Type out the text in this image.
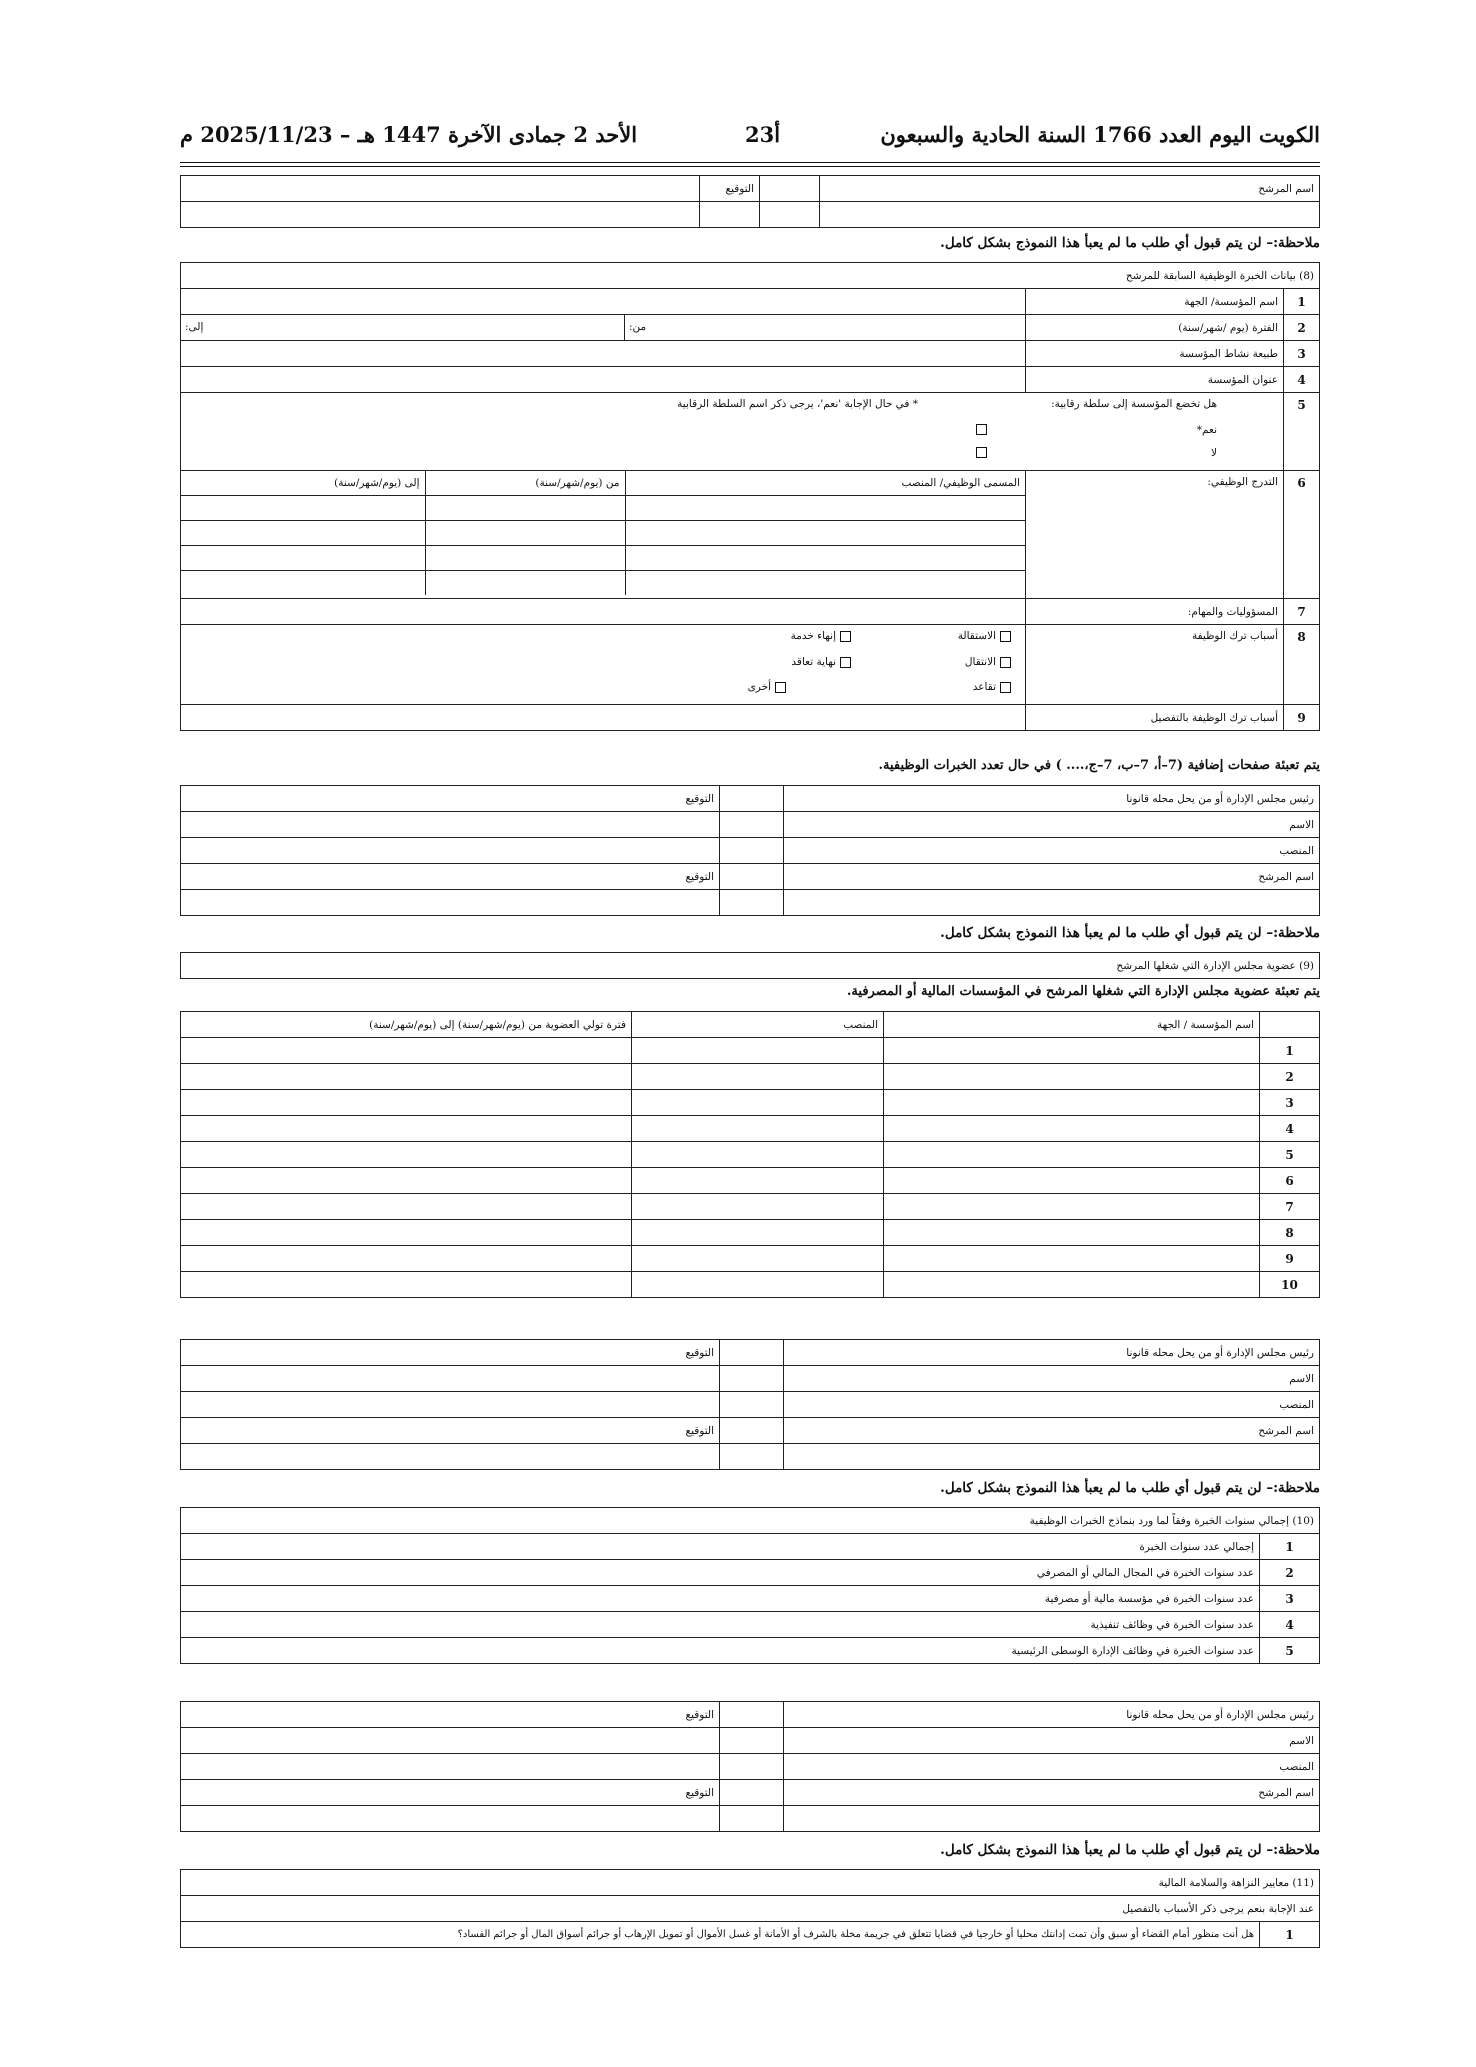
الكويت اليوم العدد 1766 السنة الحادية والسبعون
أ23
الأحد 2 جمادى الآخرة 1447 هـ – 2025/11/23 م
اسم المرشح		التوقيع	

ملاحظة:– لن يتم قبول أي طلب ما لم يعبأ هذا النموذج بشكل كامل.
(8) بيانات الخبرة الوظيفية السابقة للمرشح
1	اسم المؤسسة/ الجهة	
2	الفترة (يوم /شهر/سنة)	
من:
إلى:

3	طبيعة نشاط المؤسسة	
4	عنوان المؤسسة	
5	
هل تخضع المؤسسة إلى سلطة رقابية:
* في حال الإجابة 'نعم'، يرجى ذكر اسم السلطة الرقابية
نعم*
لا

6	التدرج الوظيفي:	
المسمى الوظيفي/ المنصب	من (يوم/شهر/سنة)	إلى (يوم/شهر/سنة)

7	المسؤوليات والمهام:	
8	أسباب ترك الوظيفة	
الاستقالة
إنهاء خدمة
الانتقال
نهاية تعاقد
تقاعد
أخرى

9	أسباب ترك الوظيفة بالتفصيل	
يتم تعبئة صفحات إضافية (7–أ، 7–ب، 7–ج،.... ) في حال تعدد الخبرات الوظيفية.
رئيس مجلس الإدارة أو من يحل محله قانونا		التوقيع
الاسم		
المنصب		
اسم المرشح		التوقيع

ملاحظة:– لن يتم قبول أي طلب ما لم يعبأ هذا النموذج بشكل كامل.
(9) عضوية مجلس الإدارة التي شغلها المرشح
يتم تعبئة عضوية مجلس الإدارة التي شغلها المرشح في المؤسسات المالية أو المصرفية.
	اسم المؤسسة / الجهة	المنصب	فترة تولي العضوية من (يوم/شهر/سنة) إلى (يوم/شهر/سنة)
1			
2			
3			
4			
5			
6			
7			
8			
9			
10			
رئيس مجلس الإدارة أو من يحل محله قانونا		التوقيع
الاسم		
المنصب		
اسم المرشح		التوقيع

ملاحظة:– لن يتم قبول أي طلب ما لم يعبأ هذا النموذج بشكل كامل.
(10) إجمالي سنوات الخبرة وفقاً لما ورد بنماذج الخبرات الوظيفية	
1	إجمالي عدد سنوات الخبرة
2	عدد سنوات الخبرة في المجال المالي أو المصرفي
3	عدد سنوات الخبرة في مؤسسة مالية أو مصرفية
4	عدد سنوات الخبرة في وظائف تنفيذية
5	عدد سنوات الخبرة في وظائف الإدارة الوسطى الرئيسية
رئيس مجلس الإدارة أو من يحل محله قانونا		التوقيع
الاسم		
المنصب		
اسم المرشح		التوقيع

ملاحظة:– لن يتم قبول أي طلب ما لم يعبأ هذا النموذج بشكل كامل.
(11) معايير النزاهة والسلامة المالية
عند الإجابة بنعم يرجى ذكر الأسباب بالتفصيل
1	هل أنت منظور أمام القضاء أو سبق وأن تمت إدانتك محليا أو خارجيا في قضايا تتعلق في جريمة مخلة بالشرف أو الأمانة أو غسل الأموال أو تمويل الإرهاب أو جرائم أسواق المال أو جرائم الفساد؟
